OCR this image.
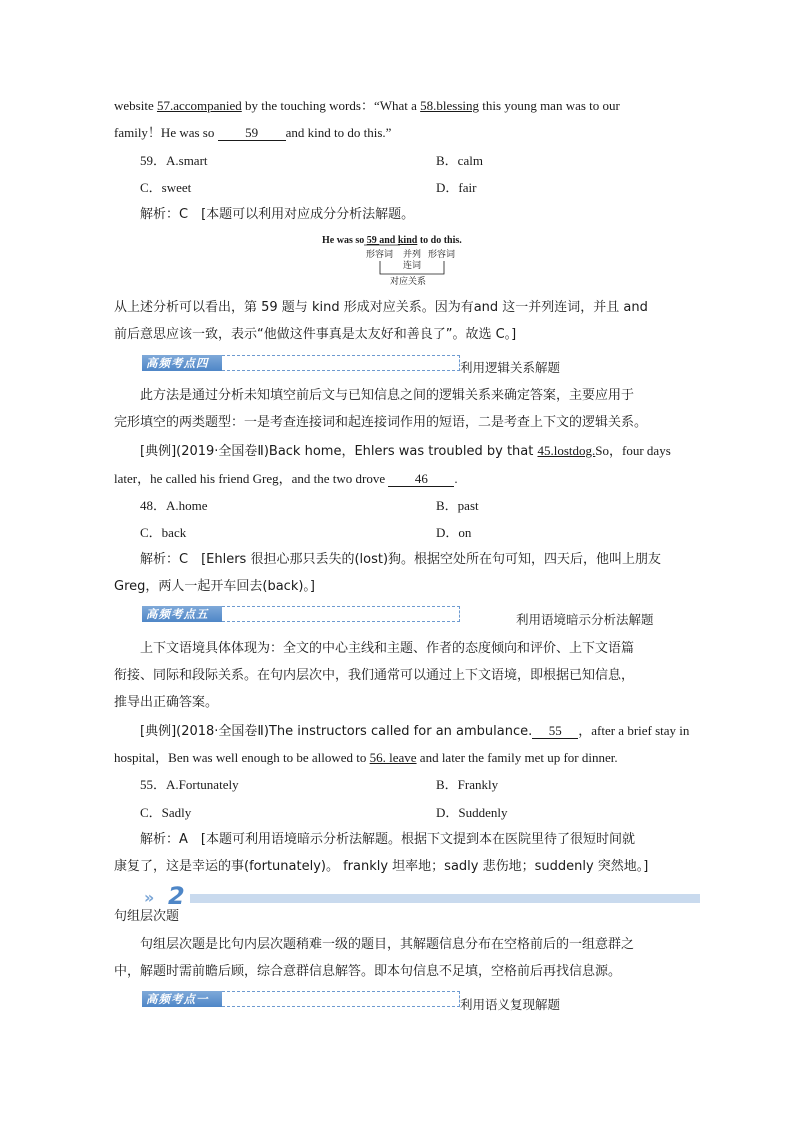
website 57.accompanied by the touching words：“What a 58.blessing this young man was to our
family！He was so 59 and kind to do this.”
59．A.smart	B．calm
C．sweet	D．fair
解析：C　[本题可以利用对应成分分析法解题。
He was so 59 and kind to do this.
形容词 并列 形容词
连词
对应关系
从上述分析可以看出，第 59 题与 kind 形成对应关系。因为有and 这一并列连词，并且 and
前后意思应该一致，表示“他做这件事真是太友好和善良了”。故选 C。]
高频考点四	利用逻辑关系解题
此方法是通过分析未知填空前后文与已知信息之间的逻辑关系来确定答案，主要应用于
完形填空的两类题型：一是考查连接词和起连接词作用的短语，二是考查上下文的逻辑关系。
[典例](2019·全国卷Ⅱ)Back home，Ehlers was troubled by that 45.lostdog.So，four days
later，he called his friend Greg，and the two drove 46 .
48．A.home	B．past
C．back	D．on
解析：C　[Ehlers 很担心那只丢失的(lost)狗。根据空处所在句可知，四天后，他叫上朋友
Greg，两人一起开车回去(back)。]
高频考点五	利用语境暗示分析法解题
上下文语境具体体现为：全文的中心主线和主题、作者的态度倾向和评价、上下文语篇
衔接、同际和段际关系。在句内层次中，我们通常可以通过上下文语境，即根据已知信息，
推导出正确答案。
[典例](2018·全国卷Ⅱ)The instructors called for an ambulance. 55 ，after a brief stay in
hospital，Ben was well enough to be allowed to 56. leave and later the family met up for dinner.
55．A.Fortunately	B．Frankly
C．Sadly	D．Suddenly
解析：A　[本题可利用语境暗示分析法解题。根据下文提到本在医院里待了很短时间就
康复了，这是幸运的事(fortunately)。 frankly 坦率地；sadly 悲伤地；suddenly 突然地。]
» 2
句组层次题
句组层次题是比句内层次题稍难一级的题目，其解题信息分布在空格前后的一组意群之
中，解题时需前瞻后顾，综合意群信息解答。即本句信息不足填，空格前后再找信息源。
高频考点一	利用语义复现解题
